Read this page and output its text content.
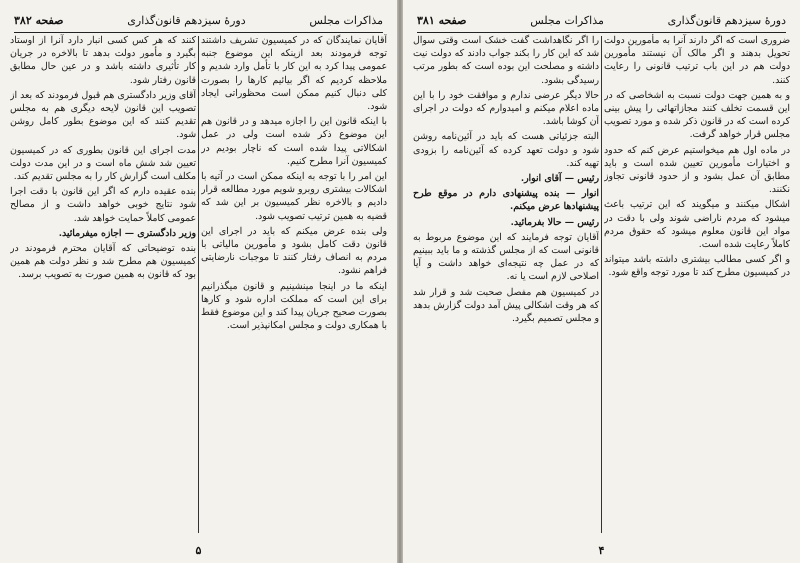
مذاکرات مجلس
دورهٔ سیزدهم قانون‌گذاری
صفحه ۳۸۲

آقایان نمایندگان که در کمیسیون تشریف داشتند توجه فرمودند بعد ازینکه این موضوع جنبه عمومی پیدا کرد به این کار با تأمل وارد شدیم و ملاحظه کردیم که اگر بیائیم کارها را بصورت کلی دنبال کنیم ممکن است محظوراتی ایجاد شود.

با اینکه قانون این را اجازه میدهد و در قانون هم این موضوع ذکر شده است ولی در عمل اشکالاتی پیدا شده است که ناچار بودیم در کمیسیون آنرا مطرح کنیم.

این امر را با توجه به اینکه ممکن است در آتیه با اشکالات بیشتری روبرو شویم مورد مطالعه قرار دادیم و بالاخره نظر کمیسیون بر این شد که قضیه به همین ترتیب تصویب شود.

ولی بنده عرض میکنم که باید در اجرای این قانون دقت کامل بشود و مأمورین مالیاتی با مردم به انصاف رفتار کنند تا موجبات نارضایتی فراهم نشود.

اینکه ما در اینجا مینشینیم و قانون میگذرانیم برای این است که مملکت اداره شود و کارها بصورت صحیح جریان پیدا کند و این موضوع فقط با همکاری دولت و مجلس امکانپذیر است.

کنند که هر کس کسی انبار دارد آنرا از اوستاد بگیرد و مأمور دولت بدهد تا بالاخره در جریان کار تأثیری داشته باشد و در عین حال مطابق قانون رفتار شود.

آقای وزیر دادگستری هم قبول فرمودند که بعد از تصویب این قانون لایحه دیگری هم به مجلس تقدیم کنند که این موضوع بطور کامل روشن شود.

مدت اجرای این قانون بطوری که در کمیسیون تعیین شد شش ماه است و در این مدت دولت مکلف است گزارش کار را به مجلس تقدیم کند.

بنده عقیده دارم که اگر این قانون با دقت اجرا شود نتایج خوبی خواهد داشت و از مصالح عمومی کاملاً حمایت خواهد شد.

وزیر دادگستری — اجازه میفرمائید.

بنده توضیحاتی که آقایان محترم فرمودند در کمیسیون هم مطرح شد و نظر دولت هم همین بود که قانون به همین صورت به تصویب برسد.

۵
دورهٔ سیزدهم قانون‌گذاری
مذاکرات مجلس
صفحه ۳۸۱

ضروری است که اگر دارند آنرا به مأمورین دولت تحویل بدهند و اگر مالک آن نیستند مأمورین دولت هم در این باب ترتیب قانونی را رعایت کنند.

و به همین جهت دولت نسبت به اشخاصی که در این قسمت تخلف کنند مجازاتهائی را پیش بینی کرده است که در قانون ذکر شده و مورد تصویب مجلس قرار خواهد گرفت.

در ماده اول هم میخواستیم عرض کنم که حدود و اختیارات مأمورین تعیین شده است و باید مطابق آن عمل بشود و از حدود قانونی تجاوز نکنند.

اشکال میکنند و میگویند که این ترتیب باعث میشود که مردم ناراضی شوند ولی با دقت در مواد این قانون معلوم میشود که حقوق مردم کاملاً رعایت شده است.

و اگر کسی مطالب بیشتری داشته باشد میتواند در کمیسیون مطرح کند تا مورد توجه واقع شود.

را اگر نگاهداشت گفت خشک است وقتی سوال شد که این کار را بکند جواب دادند که دولت نیت داشته و مصلحت این بوده است که بطور مرتب رسیدگی بشود.

حالا دیگر عرضی ندارم و موافقت خود را با این ماده اعلام میکنم و امیدوارم که دولت در اجرای آن کوشا باشد.

البته جزئیاتی هست که باید در آئین‌نامه روشن شود و دولت تعهد کرده که آئین‌نامه را بزودی تهیه کند.

رئیس — آقای انوار.

انوار — بنده پیشنهادی دارم در موقع طرح پیشنهادها عرض میکنم.

رئیس — حالا بفرمائید.

آقایان توجه فرمایند که این موضوع مربوط به قانونی است که از مجلس گذشته و ما باید ببینیم که در عمل چه نتیجه‌ای خواهد داشت و آیا اصلاحی لازم است یا نه.

در کمیسیون هم مفصل صحبت شد و قرار شد که هر وقت اشکالی پیش آمد دولت گزارش بدهد و مجلس تصمیم بگیرد.

۴
